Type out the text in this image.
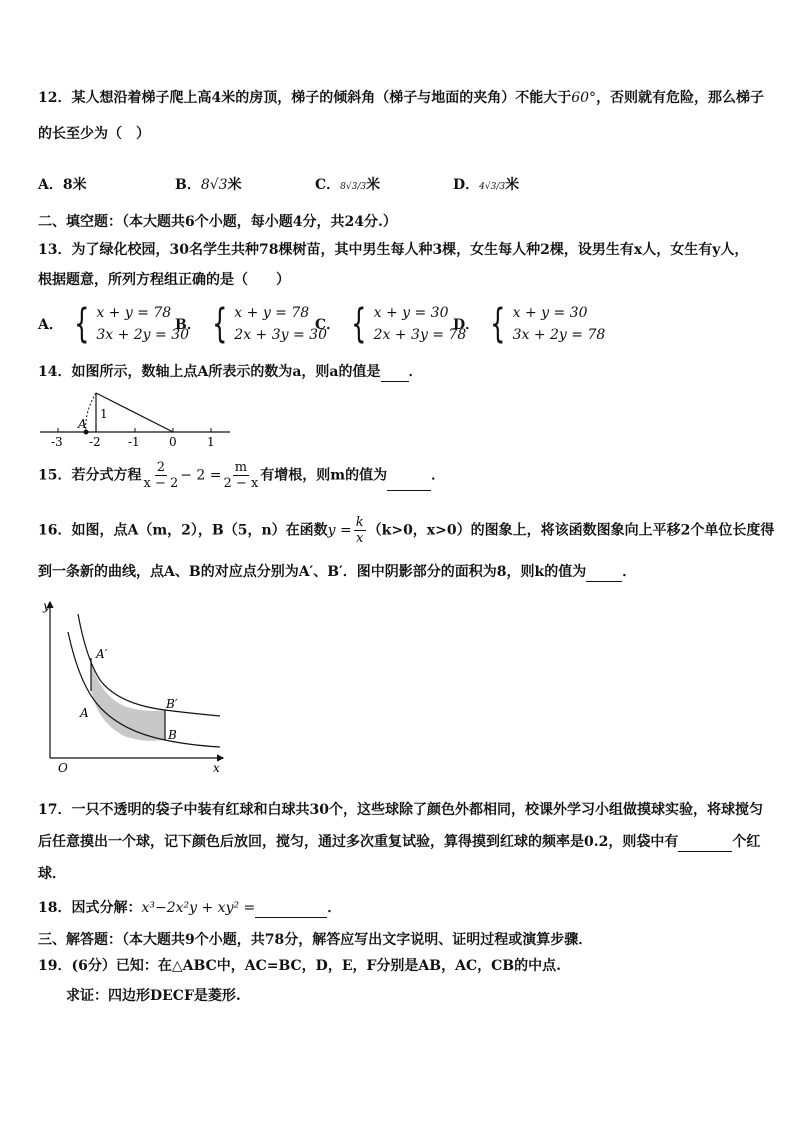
12．某人想沿着梯子爬上高4米的房顶，梯子的倾斜角（梯子与地面的夹角）不能大于60°，否则就有危险，那么梯子
的长至少为（　）
A．8米	B．8√3米	C．8√3/3米	D．4√3/3米
二、填空题：（本大题共6个小题，每小题4分，共24分.）
13．为了绿化校园，30名学生共种78棵树苗，其中男生每人种3棵，女生每人种2棵，设男生有x人，女生有y人，
根据题意，所列方程组正确的是（　　）
A． { x + y = 78
3x + 2y = 30
B． { x + y = 78
2x + 3y = 30
C． { x + y = 30
2x + 3y = 78
D． { x + y = 30
3x + 2y = 78
14．如图所示，数轴上点A所表示的数为a，则a的值是 ．
A
1
-3 -2 -1 0	1
15．若分式方程 $\frac{2}{x - 2} - 2 = \frac{m}{2 - x}$ 有增根，则m的值为	．
16．如图，点A（m，2），B（5，n）在函数$y = \frac{k}{x} (k>0$，x>0）的图象上，将该函数图象向上平移2个单位长度得
到一条新的曲线，点A、B的对应点分别为A′、B′．图中阴影部分的面积为8，则k的值为	．
y
x
O
A′
A
B′
B
17．一只不透明的袋子中装有红球和白球共30个，这些球除了颜色外都相同，校课外学习小组做摸球实验，将球搅匀
后任意摸出一个球，记下颜色后放回，搅匀，通过多次重复试验，算得摸到红球的频率是0.2，则袋中有	个红
球．
18．因式分解：x³−2x²y + xy² =	．
三、解答题：（本大题共9个小题，共78分，解答应写出文字说明、证明过程或演算步骤．
19．(6分）已知：在△ABC中，AC=BC，D，E，F分别是AB，AC，CB的中点.
求证：四边形DECF是菱形.
